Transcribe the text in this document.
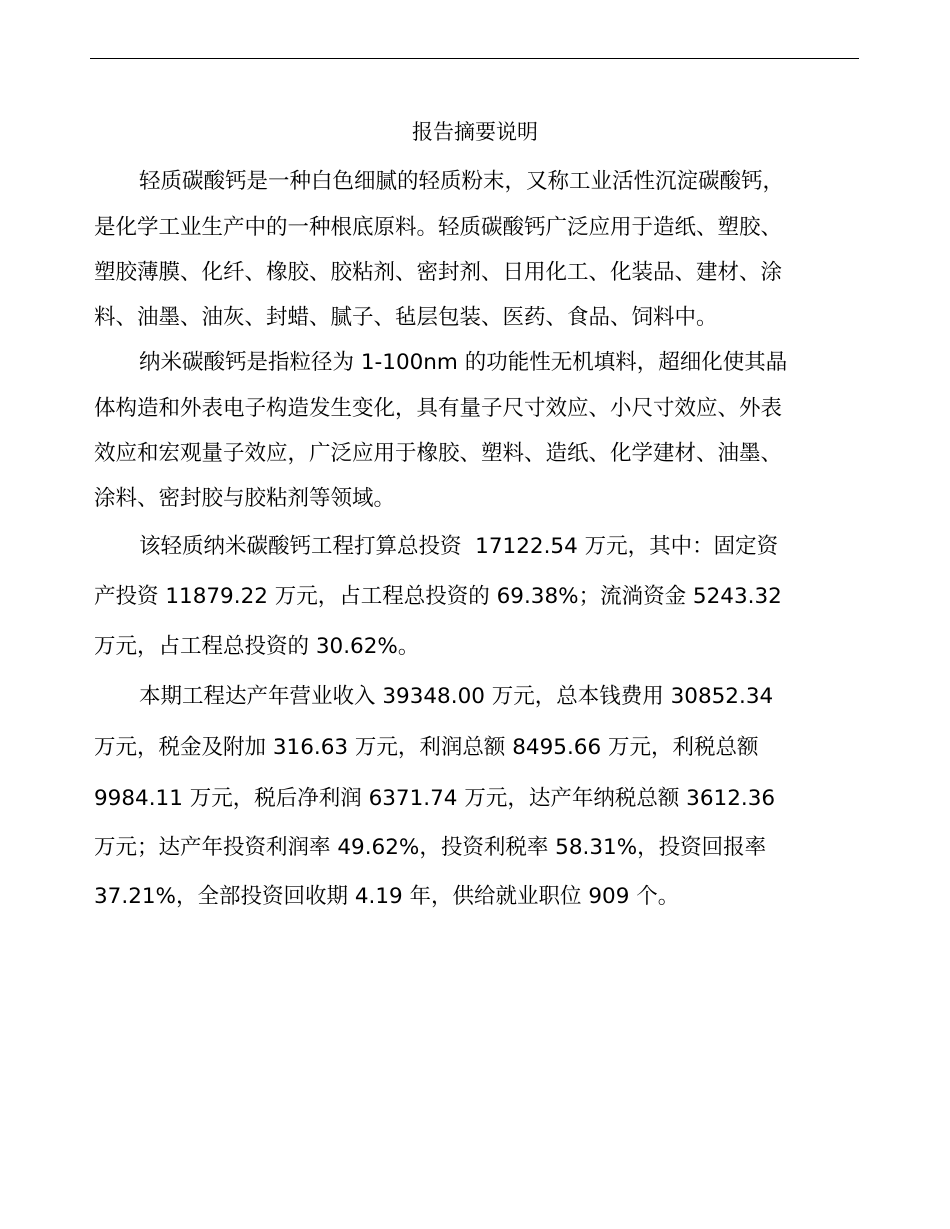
报告摘要说明
轻质碳酸钙是一种白色细腻的轻质粉末，又称工业活性沉淀碳酸钙，
是化学工业生产中的一种根底原料。轻质碳酸钙广泛应用于造纸、塑胶、
塑胶薄膜、化纤、橡胶、胶粘剂、密封剂、日用化工、化装品、建材、涂
料、油墨、油灰、封蜡、腻子、毡层包装、医药、食品、饲料中。
纳米碳酸钙是指粒径为 1-100nm 的功能性无机填料，超细化使其晶
体构造和外表电子构造发生变化，具有量子尺寸效应、小尺寸效应、外表
效应和宏观量子效应，广泛应用于橡胶、塑料、造纸、化学建材、油墨、
涂料、密封胶与胶粘剂等领域。
该轻质纳米碳酸钙工程打算总投资  17122.54 万元，其中：固定资
产投资 11879.22 万元，占工程总投资的 69.38%；流淌资金 5243.32
万元，占工程总投资的 30.62%。
本期工程达产年营业收入 39348.00 万元，总本钱费用 30852.34
万元，税金及附加 316.63 万元，利润总额 8495.66 万元，利税总额
9984.11 万元，税后净利润 6371.74 万元，达产年纳税总额 3612.36
万元；达产年投资利润率 49.62%，投资利税率 58.31%，投资回报率
37.21%，全部投资回收期 4.19 年，供给就业职位 909 个。
